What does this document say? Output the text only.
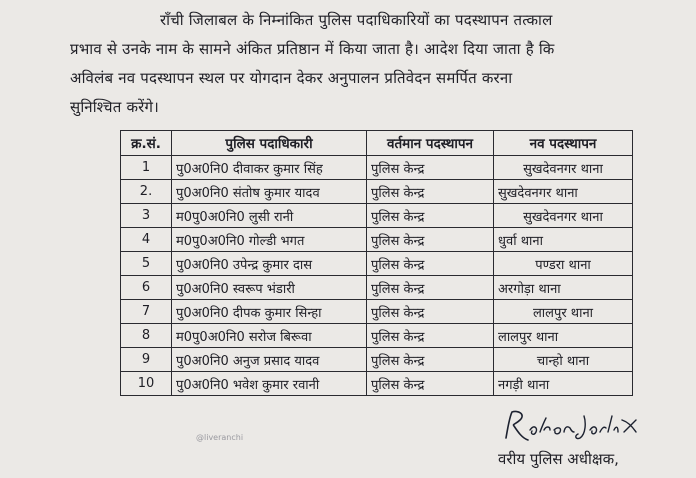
राँची जिलाबल के निम्नांकित पुलिस पदाधिकारियों का पदस्थापन तत्काल
प्रभाव से उनके नाम के सामने अंकित प्रतिष्ठान में किया जाता है। आदेश दिया जाता है कि
अविलंब नव पदस्थापन स्थल पर योगदान देकर अनुपालन प्रतिवेदन समर्पित करना
सुनिश्चित करेंगे।
क्र.सं.	पुलिस पदाधिकारी	वर्तमान पदस्थापन	नव पदस्थापन
1	पु0अ0नि0 दीवाकर कुमार सिंह	पुलिस केन्द्र	सुखदेवनगर थाना
2.	पु0अ0नि0 संतोष कुमार यादव	पुलिस केन्द्र	सुखदेवनगर थाना
3	म0पु0अ0नि0 लुसी रानी	पुलिस केन्द्र	सुखदेवनगर थाना
4	म0पु0अ0नि0 गोल्डी भगत	पुलिस केन्द्र	धुर्वा थाना
5	पु0अ0नि0 उपेन्द्र कुमार दास	पुलिस केन्द्र	पण्डरा थाना
6	पु0अ0नि0 स्वरूप भंडारी	पुलिस केन्द्र	अरगोड़ा थाना
7	पु0अ0नि0 दीपक कुमार सिन्हा	पुलिस केन्द्र	लालपुर थाना
8	म0पु0अ0नि0 सरोज बिरूवा	पुलिस केन्द्र	लालपुर थाना
9	पु0अ0नि0 अनुज प्रसाद यादव	पुलिस केन्द्र	चान्हो थाना
10	पु0अ0नि0 भवेश कुमार रवानी	पुलिस केन्द्र	नगड़ी थाना
@liveranchi
वरीय पुलिस अधीक्षक,
